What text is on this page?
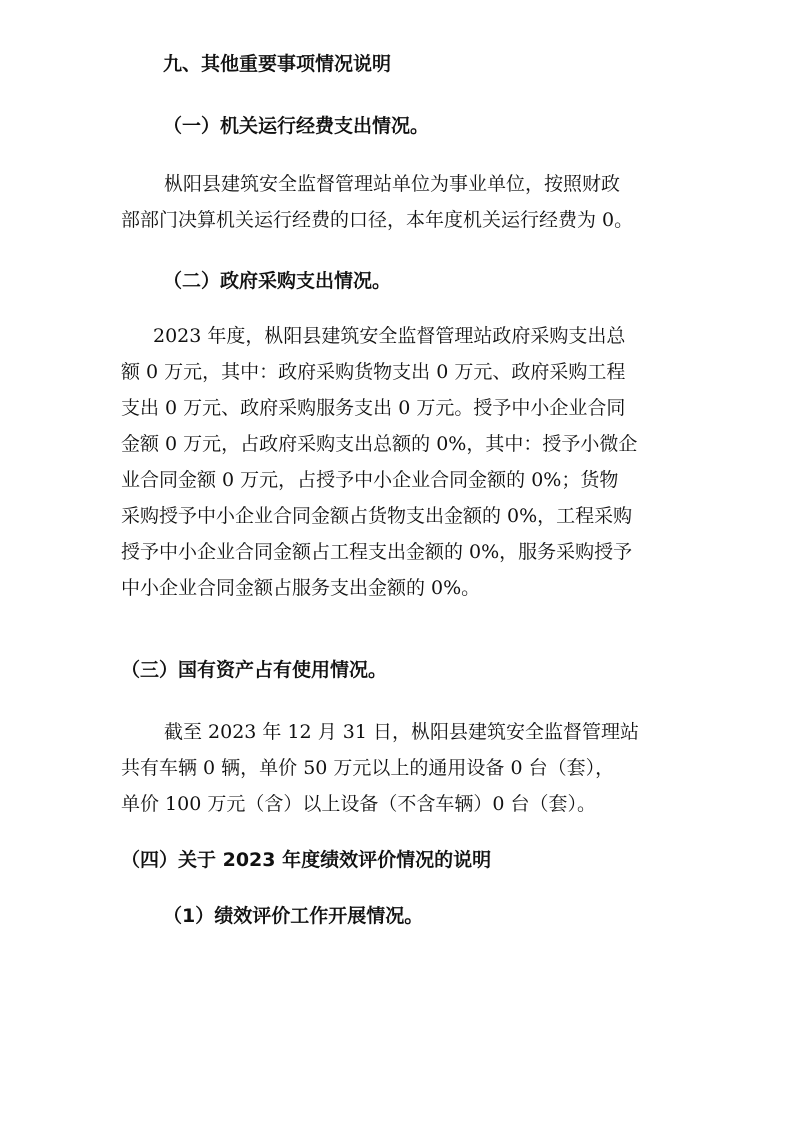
九、其他重要事项情况说明
（一）机关运行经费支出情况。
枞阳县建筑安全监督管理站单位为事业单位，按照财政
部部门决算机关运行经费的口径，本年度机关运行经费为 0。
（二）政府采购支出情况。
2023 年度，枞阳县建筑安全监督管理站政府采购支出总
额 0 万元，其中：政府采购货物支出 0 万元、政府采购工程
支出 0 万元、政府采购服务支出 0 万元。授予中小企业合同
金额 0 万元，占政府采购支出总额的 0%，其中：授予小微企
业合同金额 0 万元，占授予中小企业合同金额的 0%；货物
采购授予中小企业合同金额占货物支出金额的 0%，工程采购
授予中小企业合同金额占工程支出金额的 0%，服务采购授予
中小企业合同金额占服务支出金额的 0%。
（三）国有资产占有使用情况。
截至 2023 年 12 月 31 日，枞阳县建筑安全监督管理站
共有车辆 0 辆，单价 50 万元以上的通用设备 0 台（套），
单价 100 万元（含）以上设备（不含车辆）0 台（套）。
（四）关于 2023 年度绩效评价情况的说明
（1）绩效评价工作开展情况。
